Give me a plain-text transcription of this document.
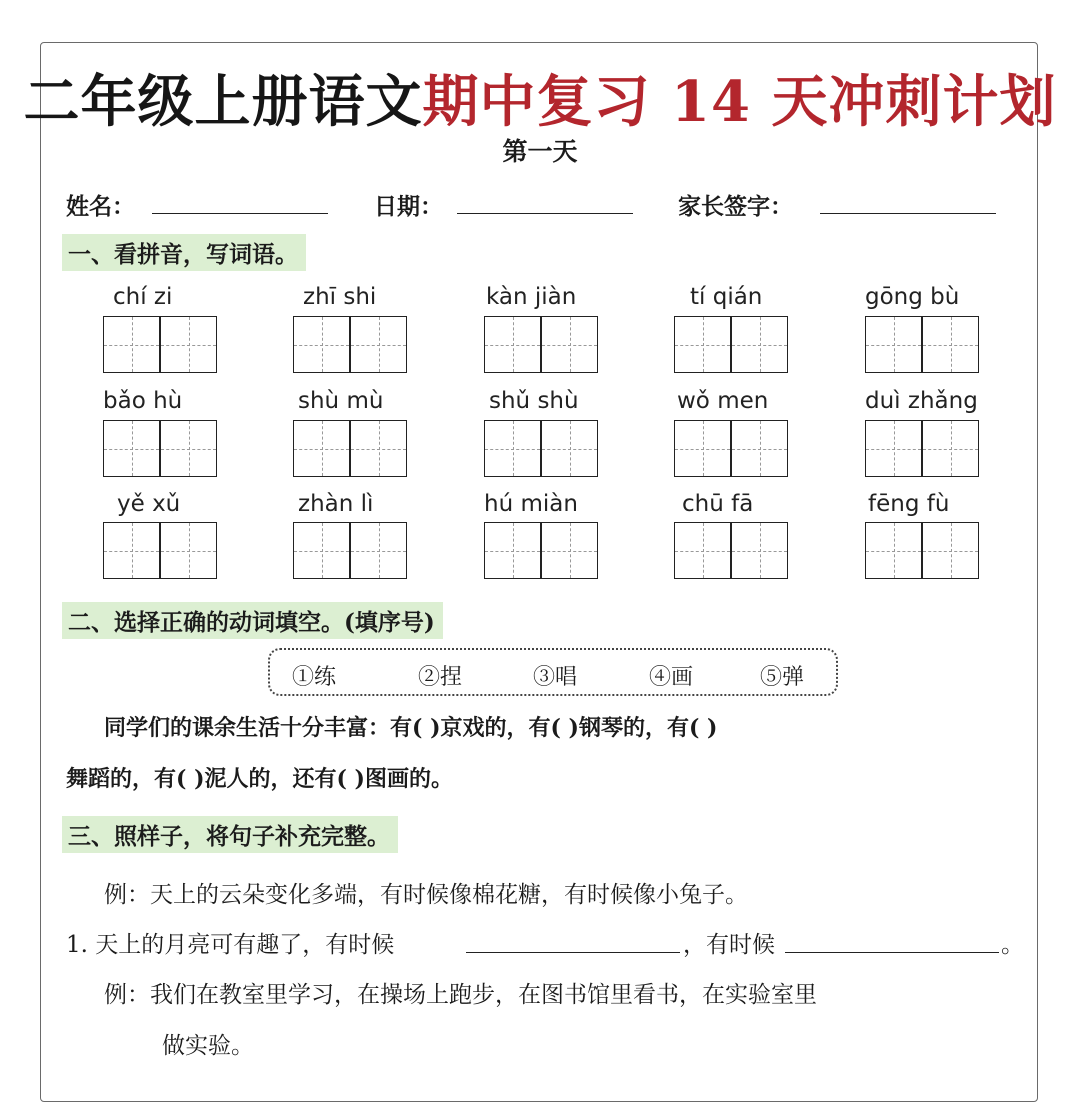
二年级上册语文期中复习 14 天冲刺计划
第一天
姓名：	日期：	家长签字：
一、看拼音，写词语。
chí zi	zhī shi	kàn jiàn	tí qián	gōng bù
bǎo hù	shù mù	shǔ shù	wǒ men	duì zhǎng
yě xǔ	zhàn lì	hú miàn	chū fā	fēng fù
二、选择正确的动词填空。(填序号)
①练	②捏	③唱	④画	⑤弹
同学们的课余生活十分丰富：有( )京戏的，有( )钢琴的，有( )
舞蹈的，有( )泥人的，还有( )图画的。
三、照样子，将句子补充完整。
例：天上的云朵变化多端，有时候像棉花糖，有时候像小兔子。
1. 天上的月亮可有趣了，有时候	，有时候	。
例：我们在教室里学习，在操场上跑步，在图书馆里看书，在实验室里
做实验。
